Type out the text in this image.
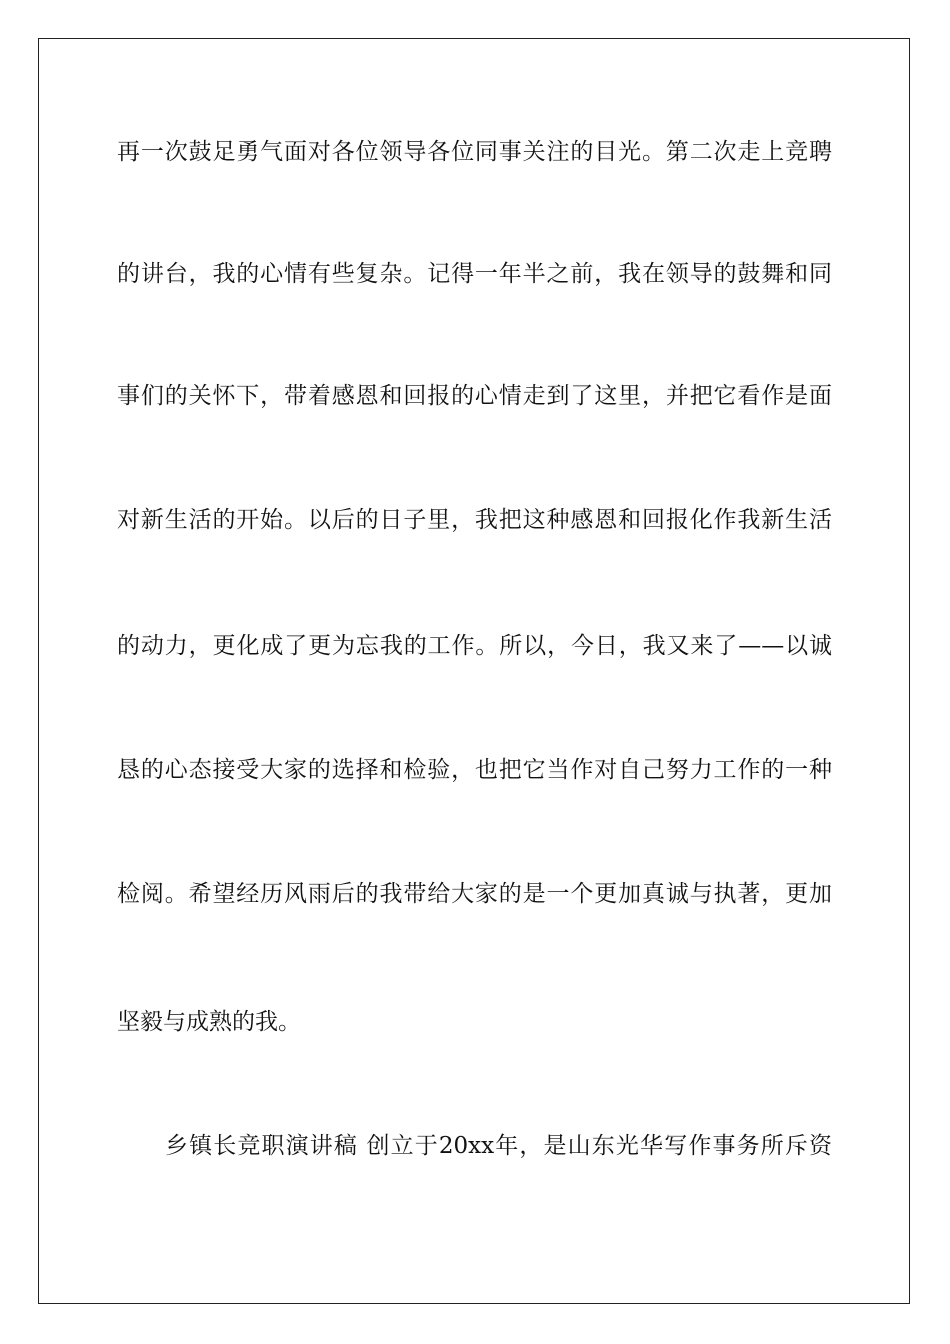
再一次鼓足勇气面对各位领导各位同事关注的目光。第二次走上竞聘
的讲台，我的心情有些复杂。记得一年半之前，我在领导的鼓舞和同
事们的关怀下，带着感恩和回报的心情走到了这里，并把它看作是面
对新生活的开始。以后的日子里，我把这种感恩和回报化作我新生活
的动力，更化成了更为忘我的工作。所以，今日，我又来了——以诚
恳的心态接受大家的选择和检验，也把它当作对自己努力工作的一种
检阅。希望经历风雨后的我带给大家的是一个更加真诚与执著，更加
坚毅与成熟的我。
乡镇长竞职演讲稿 创立于20xx年，是山东光华写作事务所斥资
